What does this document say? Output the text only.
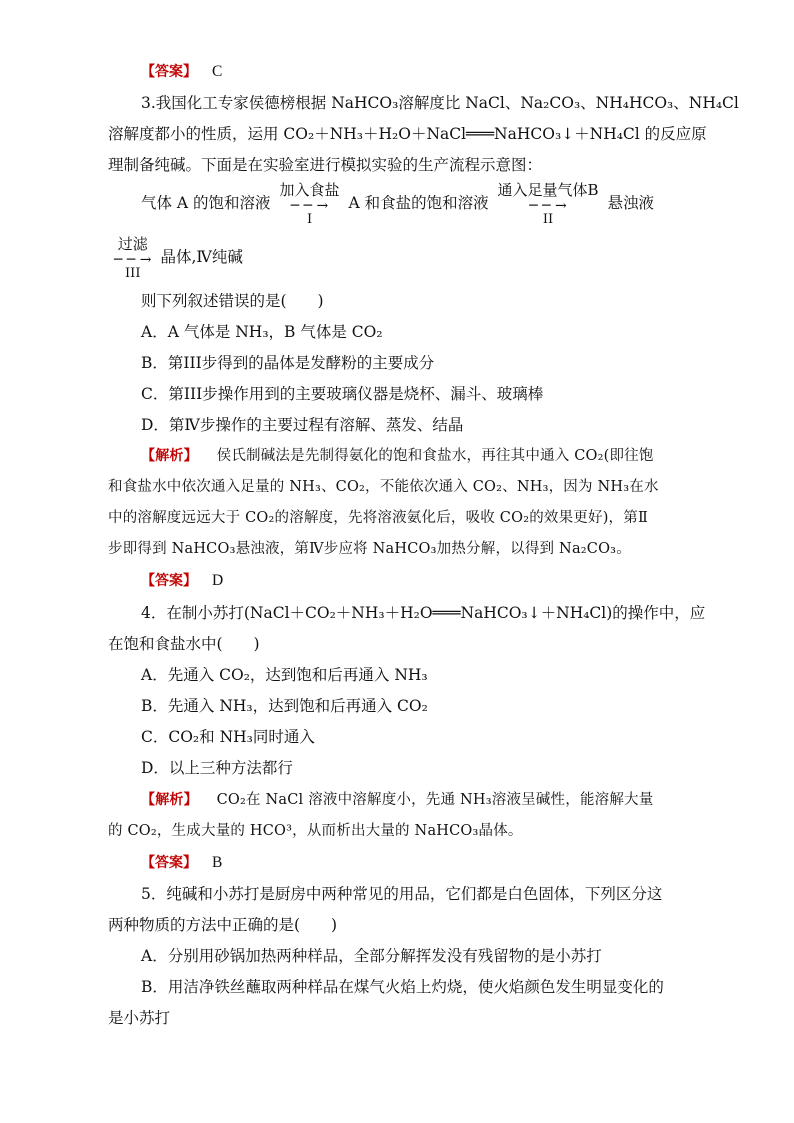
【答案】 C
3.我国化工专家侯德榜根据 NaHCO₃溶解度比 NaCl、Na₂CO₃、NH₄HCO₃、NH₄Cl
溶解度都小的性质，运用 CO₂＋NH₃＋H₂O＋NaCl═══NaHCO₃↓＋NH₄Cl 的反应原
理制备纯碱。下面是在实验室进行模拟实验的生产流程示意图：
气体 A 的饱和溶液
加入食盐
─ ─ →
I
A 和食盐的饱和溶液
通入足量气体B
─ ─ →
II
悬浊液
过滤
─ ─ →
III
晶体,Ⅳ纯碱
则下列叙述错误的是(　　)
A．A 气体是 NH₃，B 气体是 CO₂
B．第III步得到的晶体是发酵粉的主要成分
C．第III步操作用到的主要玻璃仪器是烧杯、漏斗、玻璃棒
D．第Ⅳ步操作的主要过程有溶解、蒸发、结晶
【解析】 侯氏制碱法是先制得氨化的饱和食盐水，再往其中通入 CO₂(即往饱
和食盐水中依次通入足量的 NH₃、CO₂，不能依次通入 CO₂、NH₃，因为 NH₃在水
中的溶解度远远大于 CO₂的溶解度，先将溶液氨化后，吸收 CO₂的效果更好)，第Ⅱ
步即得到 NaHCO₃悬浊液，第Ⅳ步应将 NaHCO₃加热分解，以得到 Na₂CO₃。
【答案】 D
4．在制小苏打(NaCl＋CO₂＋NH₃＋H₂O═══NaHCO₃↓＋NH₄Cl)的操作中，应
在饱和食盐水中(　　)
A．先通入 CO₂，达到饱和后再通入 NH₃
B．先通入 NH₃，达到饱和后再通入 CO₂
C．CO₂和 NH₃同时通入
D．以上三种方法都行
【解析】 CO₂在 NaCl 溶液中溶解度小，先通 NH₃溶液呈碱性，能溶解大量
的 CO₂，生成大量的 HCO³，从而析出大量的 NaHCO₃晶体。
【答案】 B
5．纯碱和小苏打是厨房中两种常见的用品，它们都是白色固体，下列区分这
两种物质的方法中正确的是(　　)
A．分别用砂锅加热两种样品，全部分解挥发没有残留物的是小苏打
B．用洁净铁丝蘸取两种样品在煤气火焰上灼烧，使火焰颜色发生明显变化的
是小苏打
